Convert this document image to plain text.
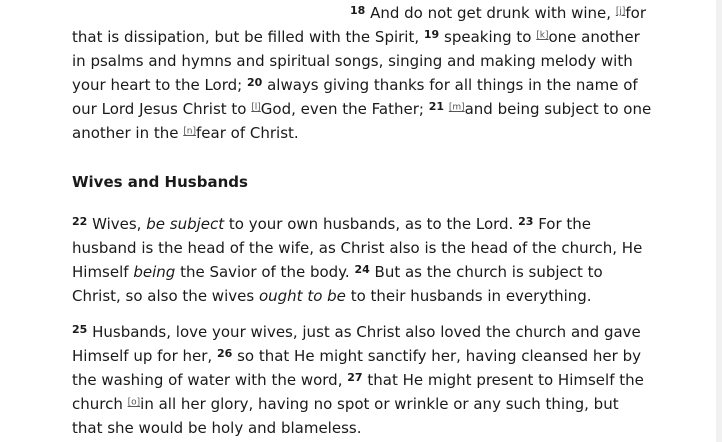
$^{18}$ And do not get drunk with wine, [j]for that is dissipation, but be filled with the Spirit, $^{19}$ speaking to [k]one another in psalms and hymns and spiritual songs, singing and making melody with your heart to the Lord; $^{20}$ always giving thanks for all things in the name of our Lord Jesus Christ to [l]God, even the Father; $^{21}$ [m]and being subject to one another in the [n]fear of Christ.

Wives and Husbands

$^{22}$ Wives, be subject to your own husbands, as to the Lord. $^{23}$ For the husband is the head of the wife, as Christ also is the head of the church, He Himself being the Savior of the body. $^{24}$ But as the church is subject to Christ, so also the wives ought to be to their husbands in everything.

$^{25}$ Husbands, love your wives, just as Christ also loved the church and gave Himself up for her, $^{26}$ so that He might sanctify her, having cleansed her by the washing of water with the word, $^{27}$ that He might present to Himself the church [o]in all her glory, having no spot or wrinkle or any such thing, but that she would be holy and blameless.
